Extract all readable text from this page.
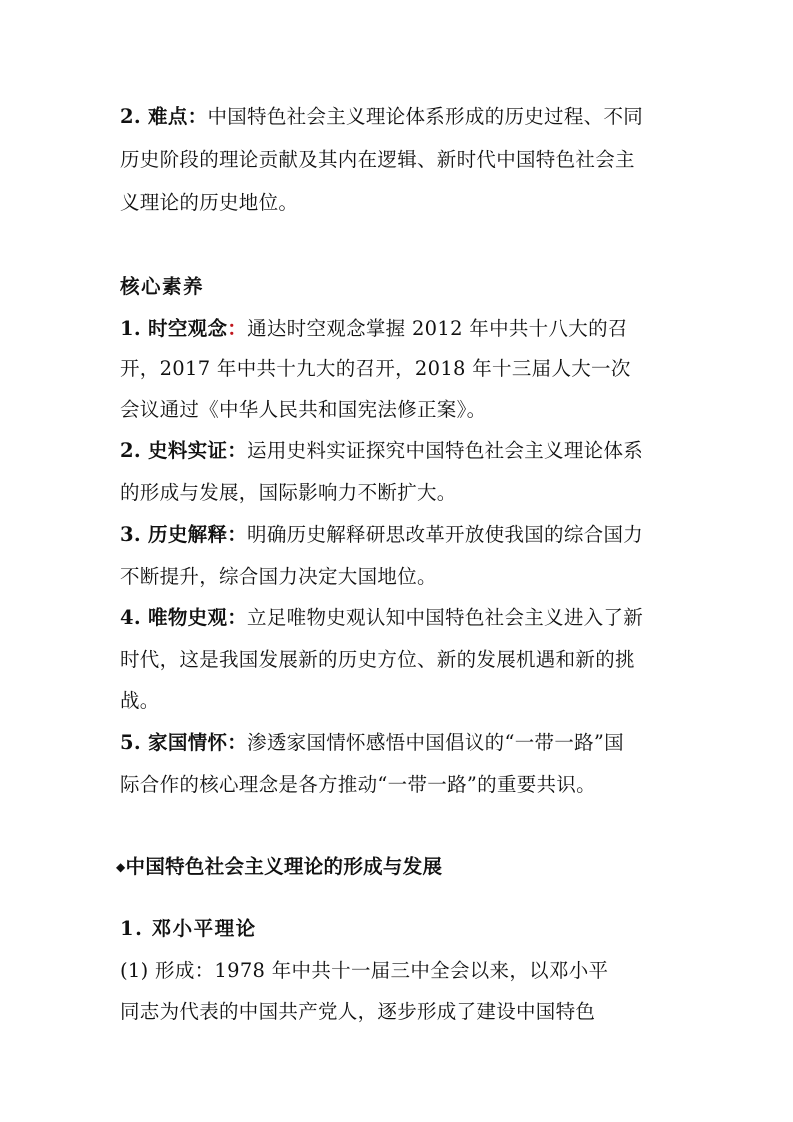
2. 难点：中国特色社会主义理论体系形成的历史过程、不同
历史阶段的理论贡献及其内在逻辑、新时代中国特色社会主
义理论的历史地位。
核心素养
1. 时空观念：通达时空观念掌握 2012 年中共十八大的召
开，2017 年中共十九大的召开，2018 年十三届人大一次
会议通过《中华人民共和国宪法修正案》。
2. 史料实证：运用史料实证探究中国特色社会主义理论体系
的形成与发展，国际影响力不断扩大。
3. 历史解释：明确历史解释研思改革开放使我国的综合国力
不断提升，综合国力决定大国地位。
4. 唯物史观：立足唯物史观认知中国特色社会主义进入了新
时代，这是我国发展新的历史方位、新的发展机遇和新的挑
战。
5. 家国情怀：渗透家国情怀感悟中国倡议的“一带一路”国
际合作的核心理念是各方推动“一带一路”的重要共识。
◆中国特色社会主义理论的形成与发展
1. 邓小平理论
(1) 形成：1978 年中共十一届三中全会以来，以邓小平
同志为代表的中国共产党人，逐步形成了建设中国特色
